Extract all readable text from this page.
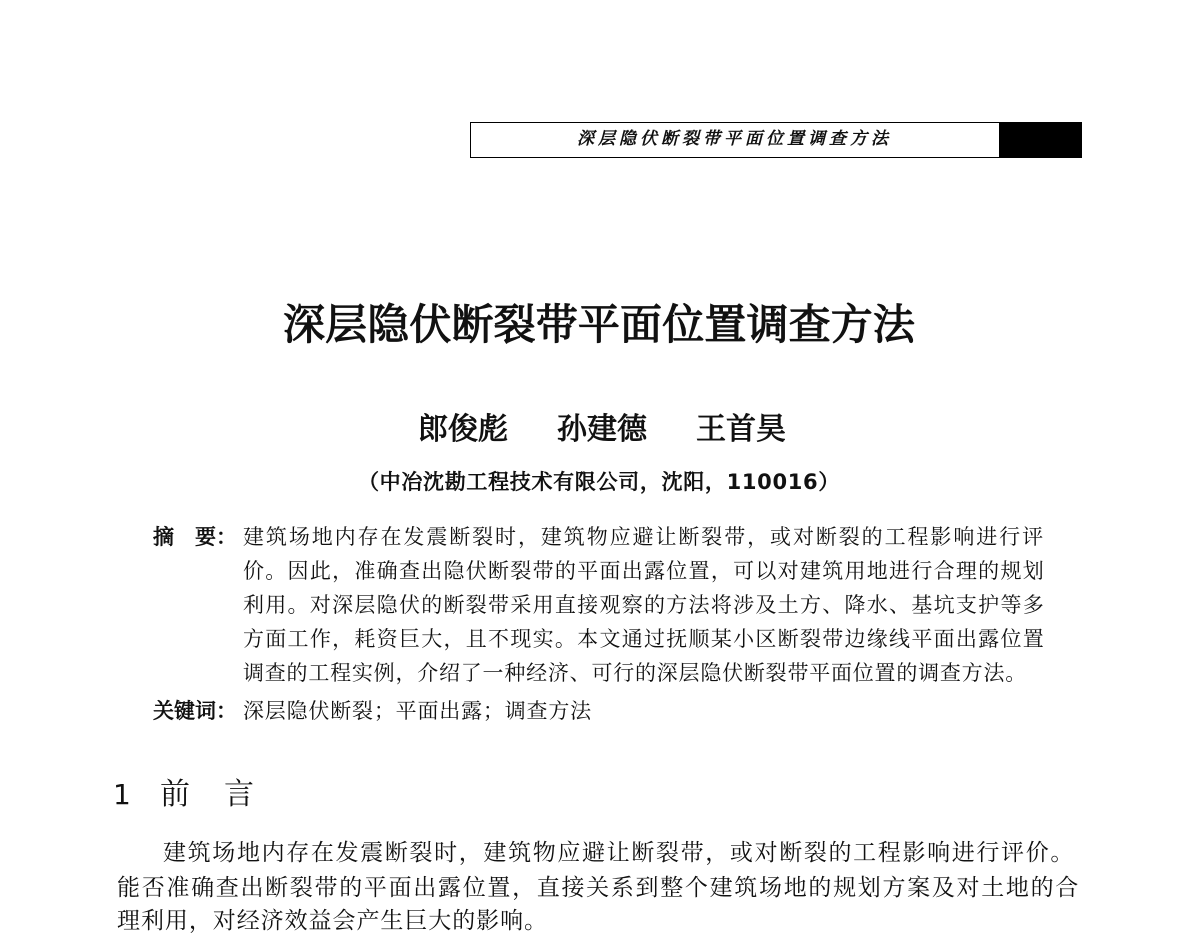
深层隐伏断裂带平面位置调查方法
深层隐伏断裂带平面位置调查方法
郎俊彪 孙建德 王首昊
（中冶沈勘工程技术有限公司，沈阳，110016）
摘　要： 建筑场地内存在发震断裂时，建筑物应避让断裂带，或对断裂的工程影响进行评
价。因此，准确查出隐伏断裂带的平面出露位置，可以对建筑用地进行合理的规划
利用。对深层隐伏的断裂带采用直接观察的方法将涉及土方、降水、基坑支护等多
方面工作，耗资巨大，且不现实。本文通过抚顺某小区断裂带边缘线平面出露位置
调查的工程实例，介绍了一种经济、可行的深层隐伏断裂带平面位置的调查方法。
关键词： 深层隐伏断裂；平面出露；调查方法
1 前　言
建筑场地内存在发震断裂时，建筑物应避让断裂带，或对断裂的工程影响进行评价。
能否准确查出断裂带的平面出露位置，直接关系到整个建筑场地的规划方案及对土地的合
理利用，对经济效益会产生巨大的影响。
